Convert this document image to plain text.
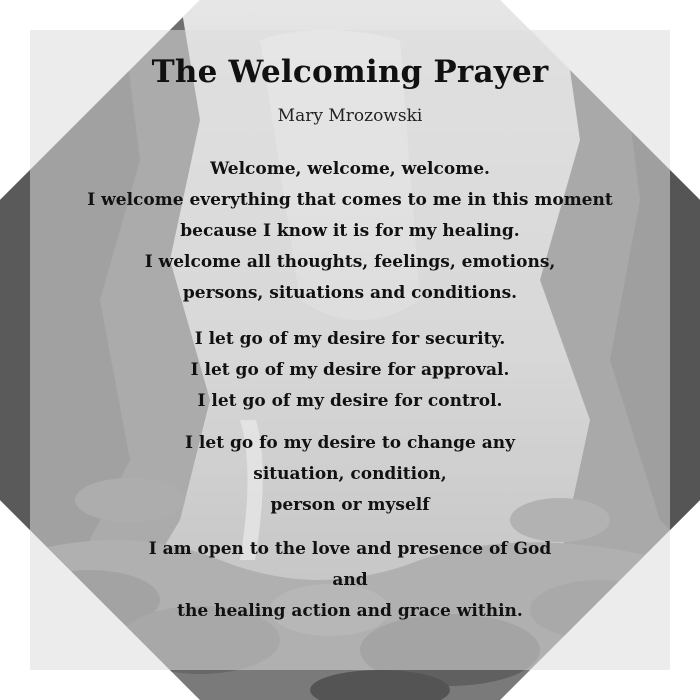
The Welcoming Prayer
Mary Mrozowski
Welcome, welcome, welcome.
I welcome everything that comes to me in this moment
because I know it is for my healing.
I welcome all thoughts, feelings, emotions,
persons, situations and conditions.
I let go of my desire for security.
I let go of my desire for approval.
I let go of my desire for control.
I let go fo my desire to change any
situation, condition,
person or myself
I am open to the love and presence of God
and
the healing action and grace within.
